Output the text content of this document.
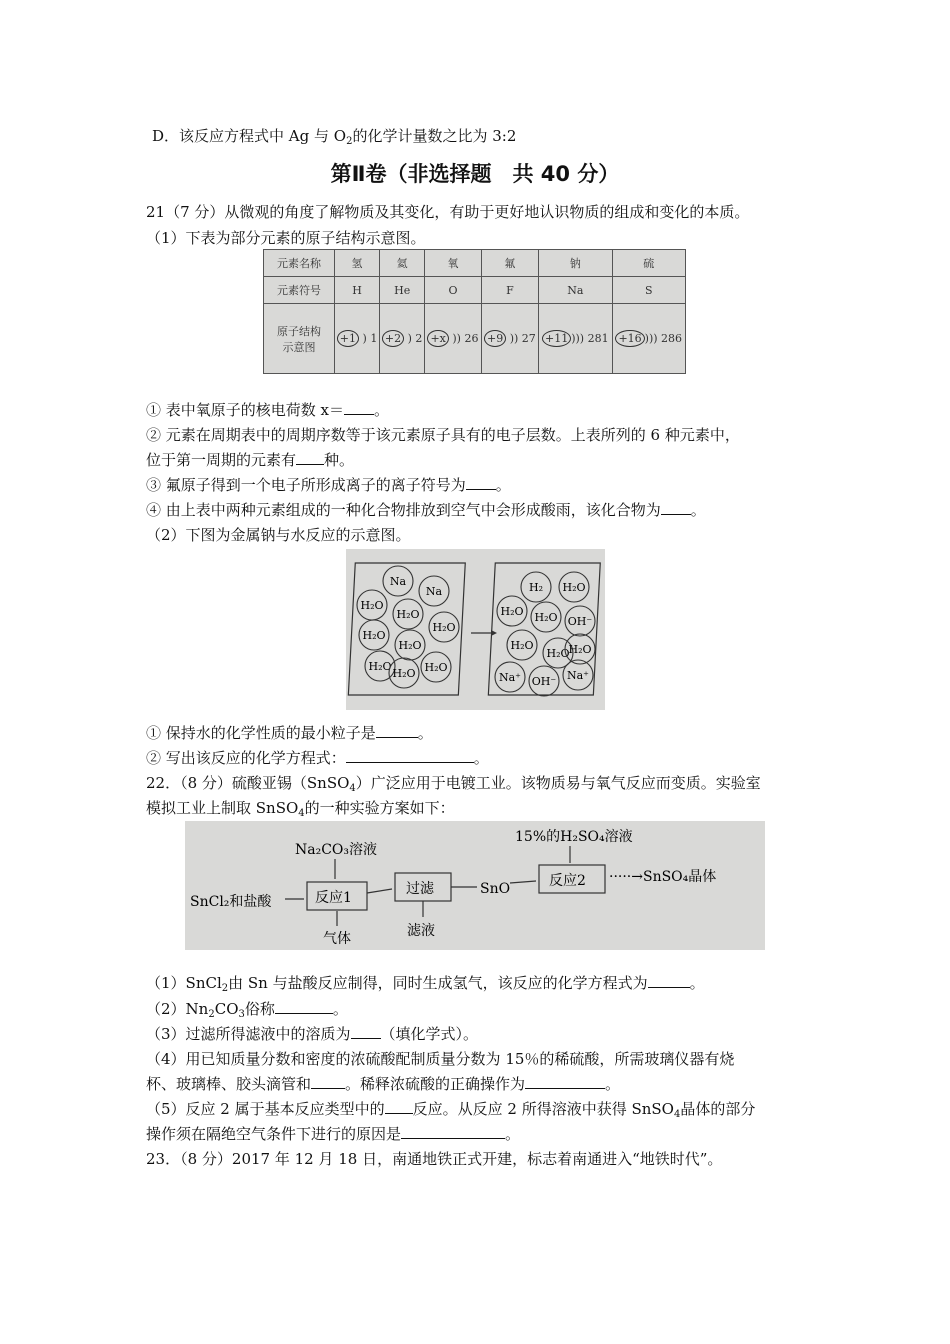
D．该反应方程式中 Ag 与 $O_2$的化学计量数之比为 3:2
第Ⅱ卷（非选择题　共 40 分）
21（7 分）从微观的角度了解物质及其变化，有助于更好地认识物质的组成和变化的本质。
（1）下表为部分元素的原子结构示意图。
元素名称	氢	氦	氧	氟	钠	硫
元素符号	H	He	O	F	Na	S
原子结构示意图	+1 ) 1	+2 ) 2	+x )) 26	+9 )) 27	+11 ))) 281	+16 ))) 286
① 表中氧原子的核电荷数 x＝ 。
② 元素在周期表中的周期序数等于该元素原子具有的电子层数。上表所列的 6 种元素中，
位于第一周期的元素有 种。
③ 氟原子得到一个电子所形成离子的离子符号为 。
④ 由上表中两种元素组成的一种化合物排放到空气中会形成酸雨，该化合物为 。
（2）下图为金属钠与水反应的示意图。
Na
Na
H₂O
H₂O
H₂O
H₂O
H₂O
H₂O	H₂O
H₂O
H₂ H₂O
H₂O H₂O OH⁻
H₂O
H₂O
Na⁺
Na⁺ OH⁻
H₂O
① 保持水的化学性质的最小粒子是	。
② 写出该反应的化学方程式：	。
22．（8 分）硫酸亚锡（SnSO$_4$）广泛应用于电镀工业。该物质易与氧气反应而变质。实验室
模拟工业上制取 SnSO$_4$的一种实验方案如下：
Na₂CO₃溶液
15%的H₂SO₄溶液
SnCl₂和盐酸	反应1
过滤	SnO	反应2 ·····→SnSO₄晶体
气体	滤液
（1）SnCl$_2$由 Sn 与盐酸反应制得，同时生成氢气，该反应的化学方程式为	。
$(2)Nn_2CO_3$俗称	。
（3）过滤所得滤液中的溶质为 （填化学式）。
（4）用已知质量分数和密度的浓硫酸配制质量分数为 15％的稀硫酸，所需玻璃仪器有烧
杯、玻璃棒、胶头滴管和 。稀释浓硫酸的正确操作为	。
（5）反应 2 属于基本反应类型中的 反应。从反应 2 所得溶液中获得 SnSO$_4$晶体的部分
操作须在隔绝空气条件下进行的原因是	。
23．（8 分）2017 年 12 月 18 日，南通地铁正式开建，标志着南通进入“地铁时代”。
